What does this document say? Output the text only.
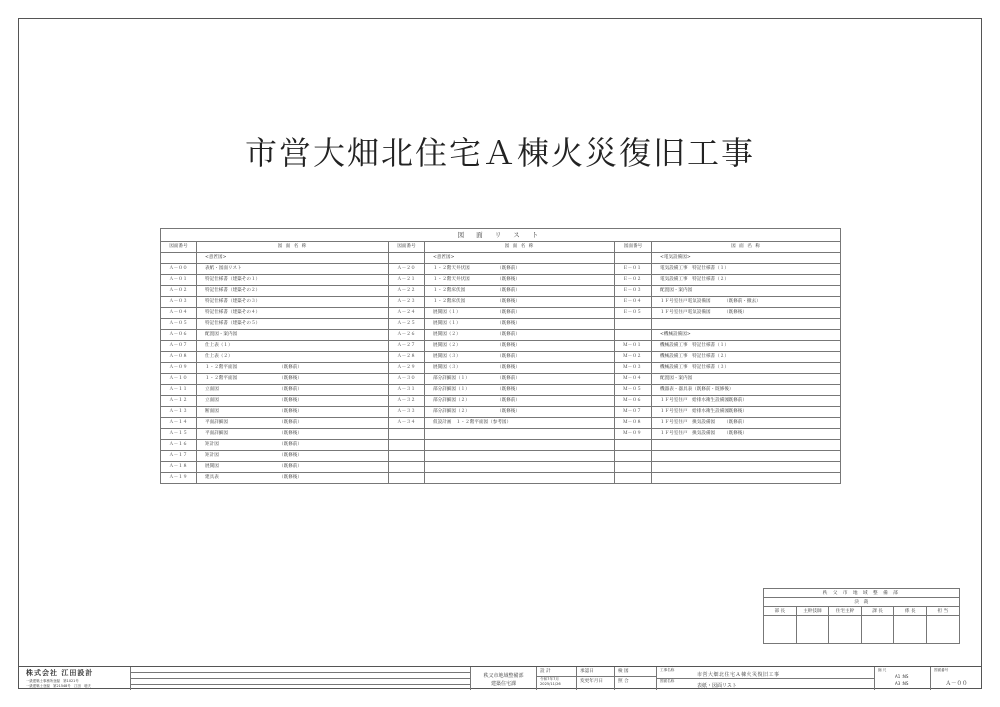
市営大畑北住宅Ａ棟火災復旧工事
図 面 リ ス ト					
図面番号	図 面 名 称	図面番号	図 面 名 称	図面番号	図 面 名 称
	<意匠図>		<意匠図>		<電気設備図>
Ａ－００	表紙・図面リスト	Ａ－２０	１・２階天井伏図 （既修前）	Ｅ－０１	電気設備工事　特記仕様書（１）
Ａ－０１	特記仕様書（建築その１）	Ａ－２１	１・２階天井伏図 （既修後）	Ｅ－０２	電気設備工事　特記仕様書（２）
Ａ－０２	特記仕様書（建築その２）	Ａ－２２	１・２階床伏図 （既修前）	Ｅ－０３	配置図・案内図
Ａ－０３	特記仕様書（建築その３）	Ａ－２３	１・２階床伏図 （既修後）	Ｅ－０４	１Ｆ号室住戸電気設備図 （既修前・撤去）
Ａ－０４	特記仕様書（建築その４）	Ａ－２４	展開図（１） （既修前）	Ｅ－０５	１Ｆ号室住戸電気設備図 （既修後）
Ａ－０５	特記仕様書（建築その５）	Ａ－２５	展開図（１） （既修後）		
Ａ－０６	配置図・案内図	Ａ－２６	展開図（２） （既修前）		<機械設備図>
Ａ－０７	仕上表（１）	Ａ－２７	展開図（２） （既修後）	Ｍ－０１	機械設備工事　特記仕様書（１）
Ａ－０８	仕上表（２）	Ａ－２８	展開図（３） （既修前）	Ｍ－０２	機械設備工事　特記仕様書（２）
Ａ－０９	１・２階平面図 （既修前）	Ａ－２９	展開図（３） （既修後）	Ｍ－０３	機械設備工事　特記仕様書（３）
Ａ－１０	１・２階平面図 （既修後）	Ａ－３０	部分詳細図（１） （既修前）	Ｍ－０４	配置図・案内図
Ａ－１１	立面図 （既修前）	Ａ－３１	部分詳細図（１） （既修後）	Ｍ－０５	機器表・器具表（既修前・既修後）
Ａ－１２	立面図 （既修後）	Ａ－３２	部分詳細図（２） （既修前）	Ｍ－０６	１Ｆ号室住戸　給排水衛生設備図（既修前）
Ａ－１３	断面図 （既修後）	Ａ－３３	部分詳細図（２） （既修後）	Ｍ－０７	１Ｆ号室住戸　給排水衛生設備図（既修後）
Ａ－１４	平面詳細図 （既修前）	Ａ－３４	仮設計画　１・２階平面図（参考図）	Ｍ－０８	１Ｆ号室住戸　換気設備図 （既修前）
Ａ－１５	平面詳細図 （既修後）			Ｍ－０９	１Ｆ号室住戸　換気設備図 （既修後）
Ａ－１６	矩計図 （既修前）				
Ａ－１７	矩計図 （既修後）				
Ａ－１８	展開図 （既修前）				
Ａ－１９	建具表 （既修後）				
秩 父 市 地 域 整 備 部					
決　裁					
部 長	主幹技師	住宅主幹	課 長	係 長	担 当

株式会社 江田設計
一級建築士事務所登録　第1021号
一級建築士登録　第21548号　江田　聡夫
秩父市地域整備部
建築住宅課
設 計
令和7年7月
2025/11/26
承認日
変更年月日
検 図
照 合
工事名称
市営大畑北住宅Ａ棟火災復旧工事
図面名称
表紙・図面リスト
縮 尺
A1 :NS
A3 :NS
図面番号
Ａ－００
